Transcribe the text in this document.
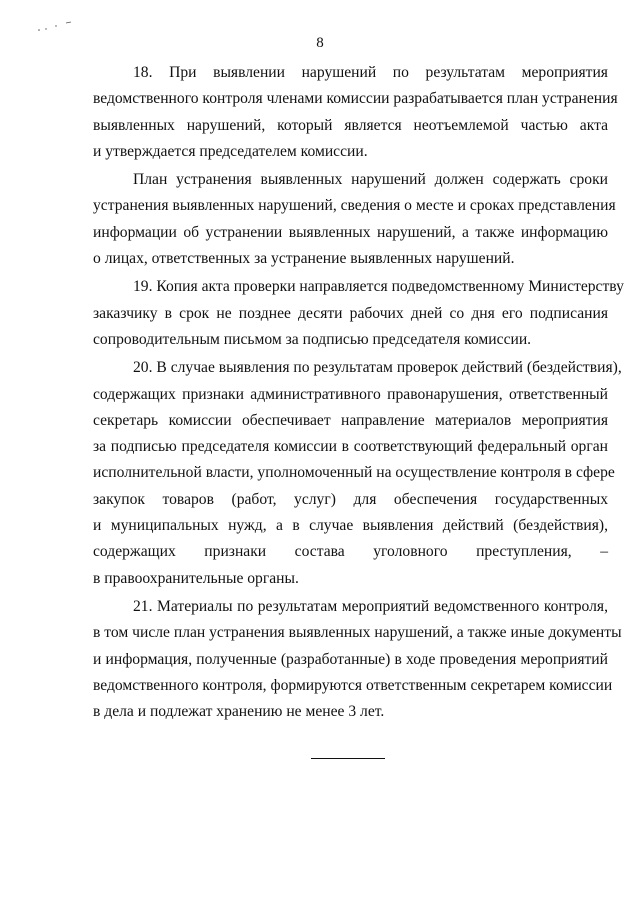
8

18. При выявлении нарушений по результатам мероприятия
ведомственного контроля членами комиссии разрабатывается план устранения
выявленных нарушений, который является неотъемлемой частью акта
и утверждается председателем комиссии.

План устранения выявленных нарушений должен содержать сроки
устранения выявленных нарушений, сведения о месте и сроках представления
информации об устранении выявленных нарушений, а также информацию
о лицах, ответственных за устранение выявленных нарушений.

19. Копия акта проверки направляется подведомственному Министерству
заказчику в срок не позднее десяти рабочих дней со дня его подписания
сопроводительным письмом за подписью председателя комиссии.

20. В случае выявления по результатам проверок действий (бездействия),
содержащих признаки административного правонарушения, ответственный
секретарь комиссии обеспечивает направление материалов мероприятия
за подписью председателя комиссии в соответствующий федеральный орган
исполнительной власти, уполномоченный на осуществление контроля в сфере
закупок товаров (работ, услуг) для обеспечения государственных
и муниципальных нужд, а в случае выявления действий (бездействия),
содержащих признаки состава уголовного преступления, –
в правоохранительные органы.

21. Материалы по результатам мероприятий ведомственного контроля,
в том числе план устранения выявленных нарушений, а также иные документы
и информация, полученные (разработанные) в ходе проведения мероприятий
ведомственного контроля, формируются ответственным секретарем комиссии
в дела и подлежат хранению не менее 3 лет.
